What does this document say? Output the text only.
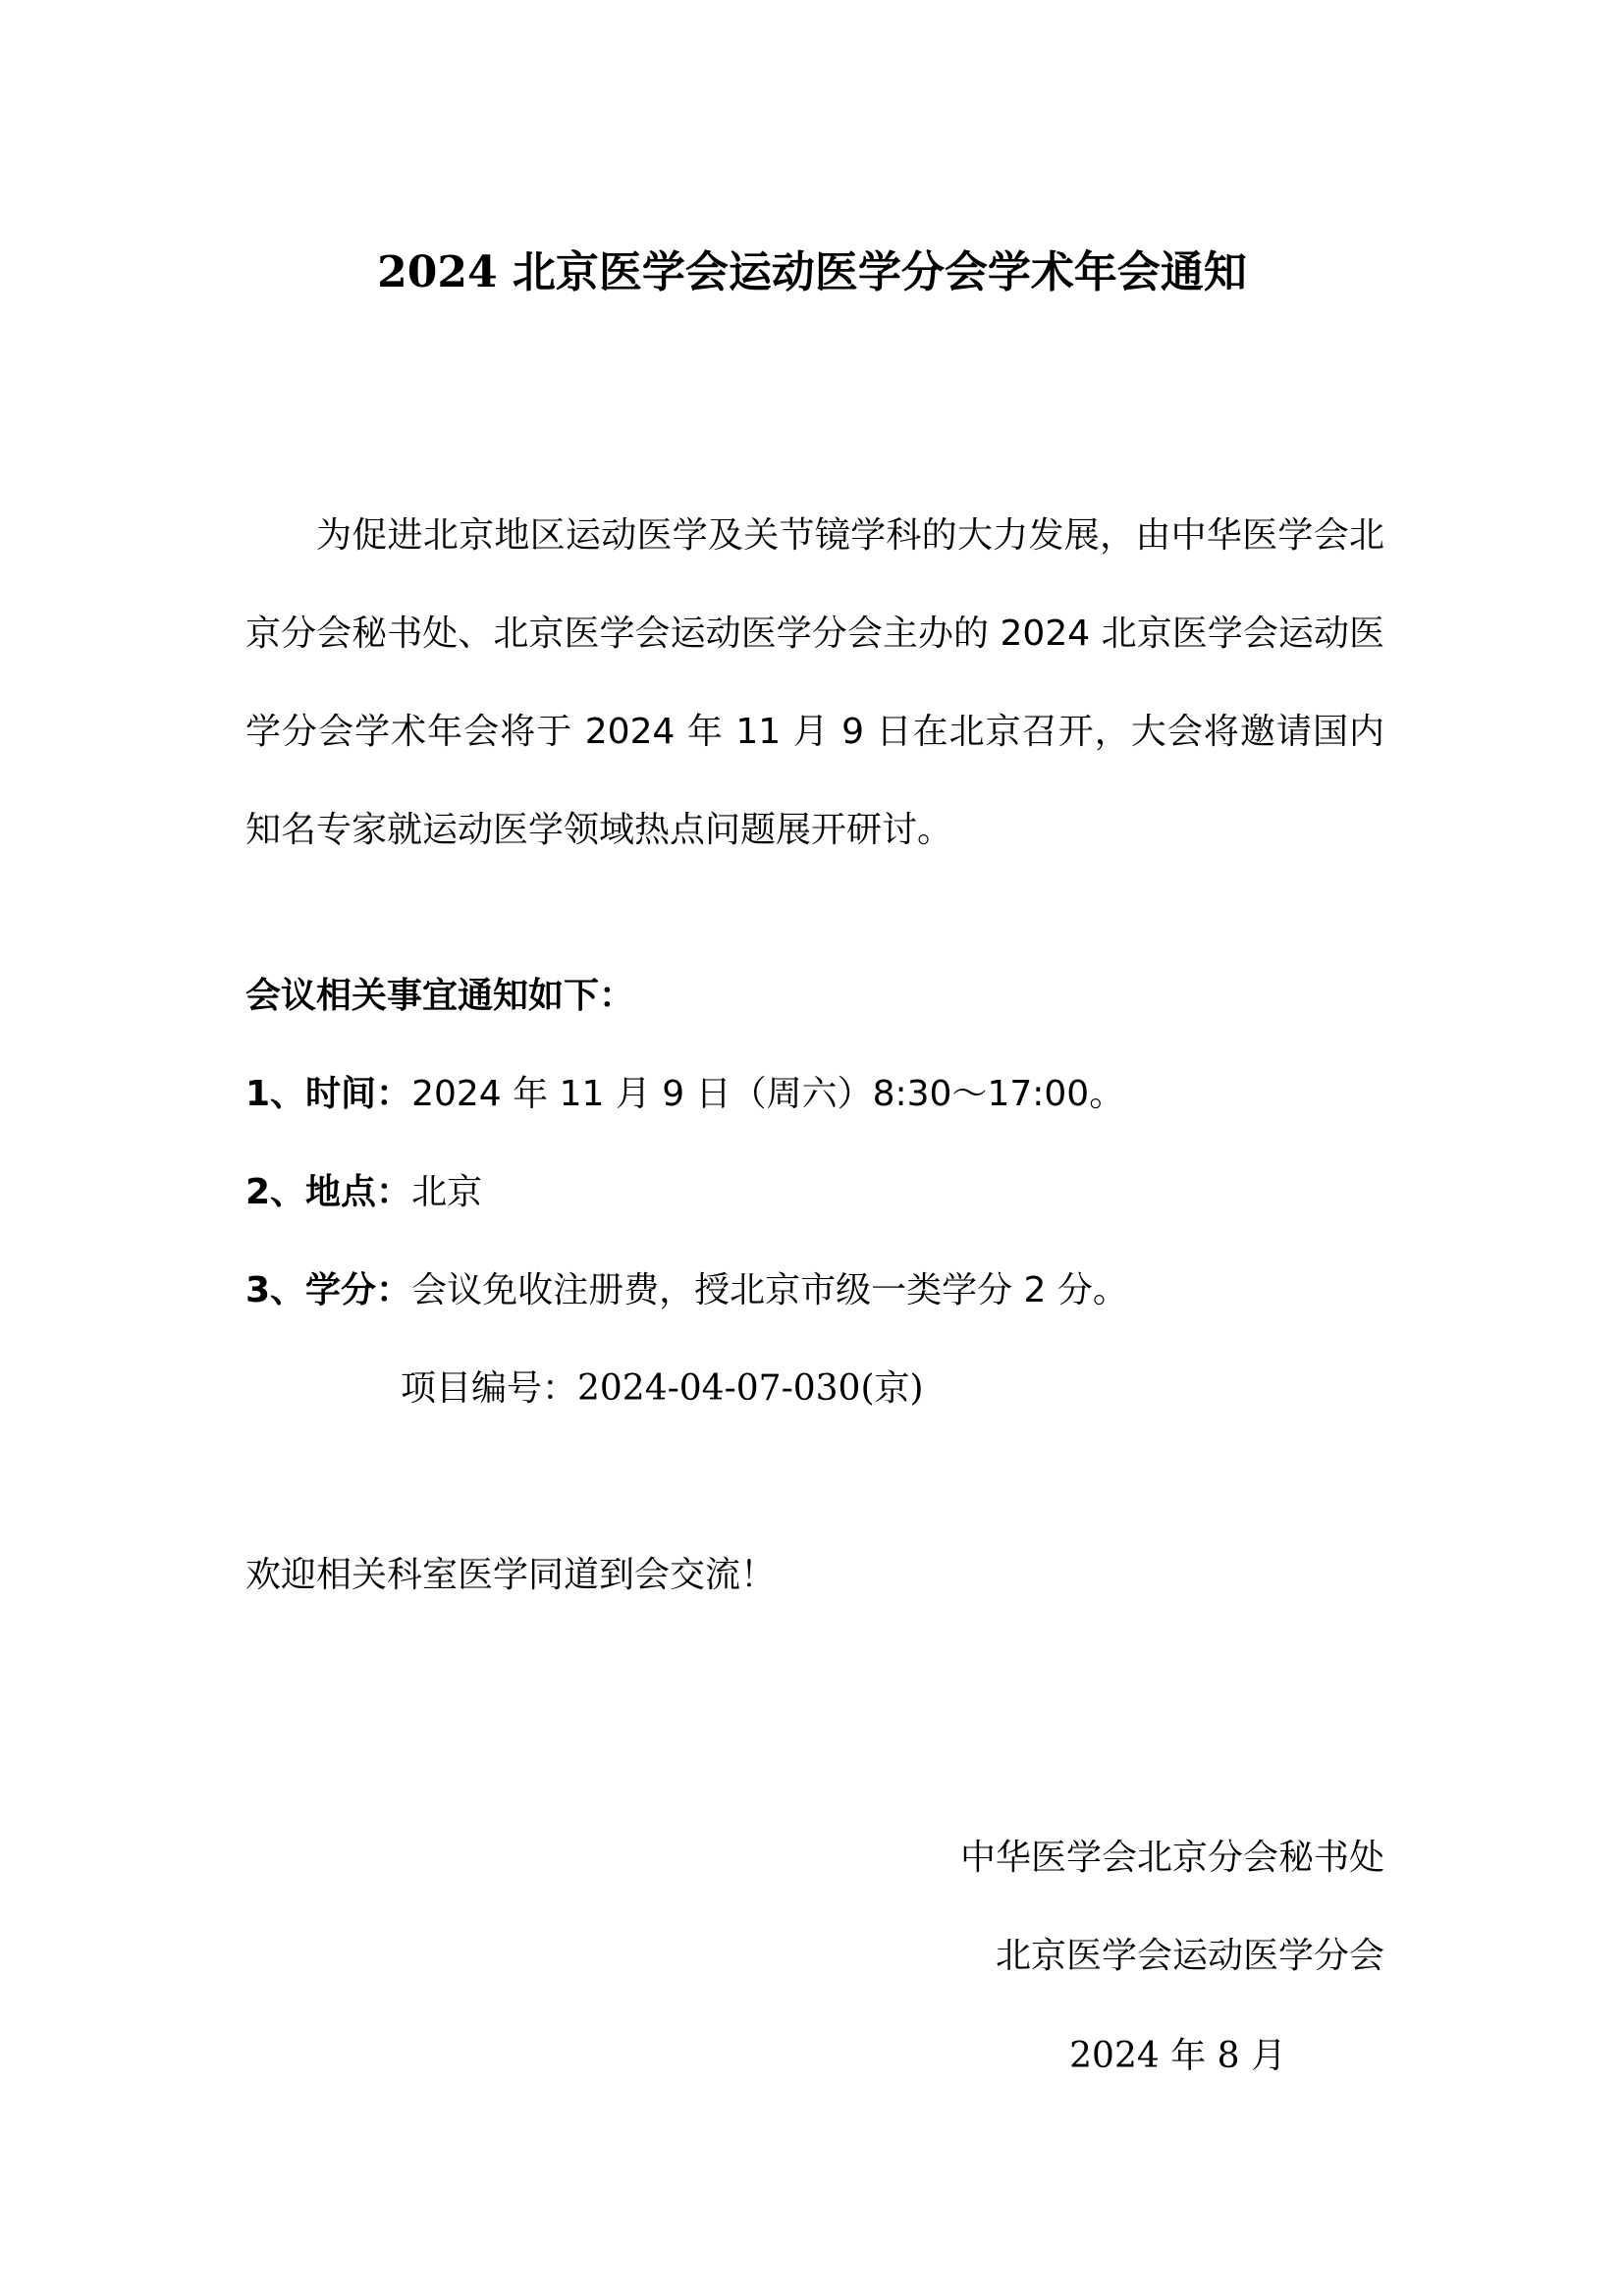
2024 北京医学会运动医学分会学术年会通知

为促进北京地区运动医学及关节镜学科的大力发展，由中华医学会北京分会秘书处、北京医学会运动医学分会主办的 2024 北京医学会运动医学分会学术年会将于 2024 年 11 月 9 日在北京召开，大会将邀请国内知名专家就运动医学领域热点问题展开研讨。

会议相关事宜通知如下：
1、时间：2024 年 11 月 9 日（周六）8:30～17:00。
2、地点：北京
3、学分：会议免收注册费，授北京市级一类学分 2 分。
项目编号：2024-04-07-030(京)
欢迎相关科室医学同道到会交流！
中华医学会北京分会秘书处
北京医学会运动医学分会
2024 年 8 月
